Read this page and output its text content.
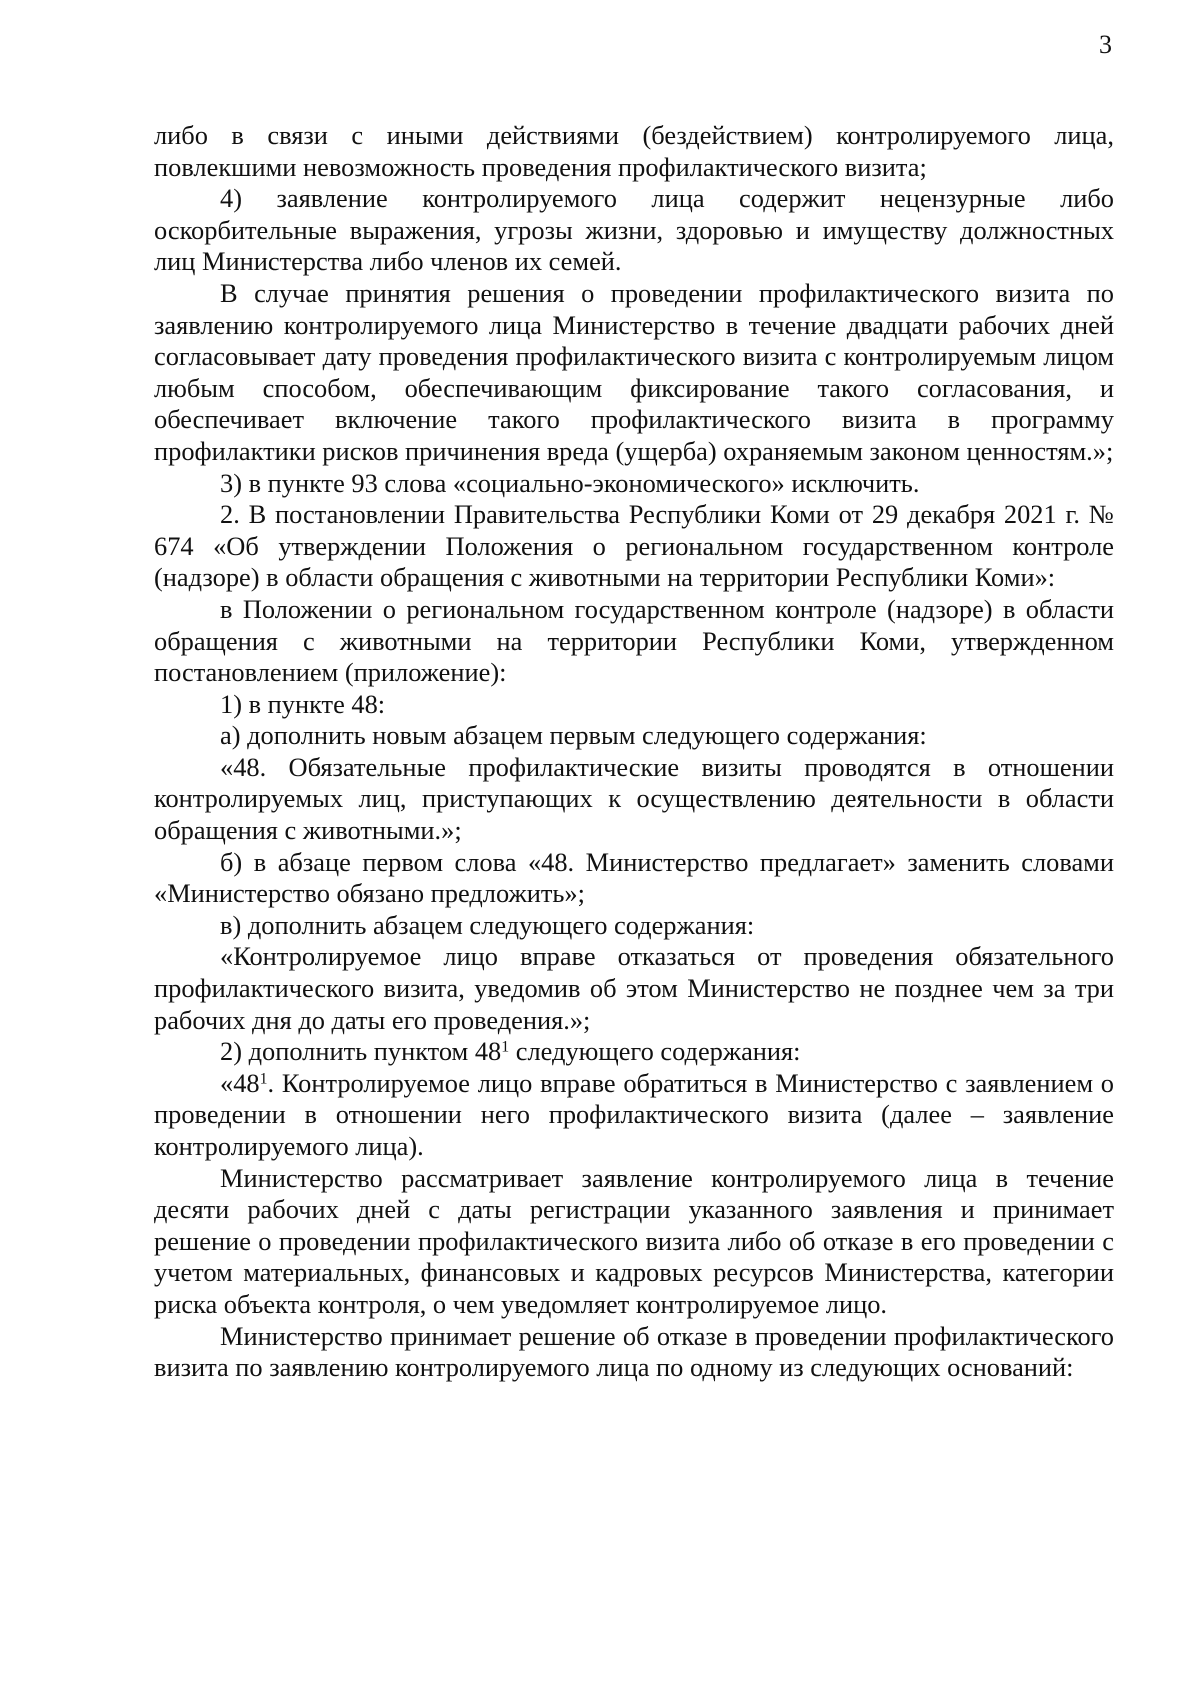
3

либо в связи с иными действиями (бездействием) контролируемого лица, повлекшими невозможность проведения профилактического визита;

4) заявление контролируемого лица содержит нецензурные либо оскорбительные выражения, угрозы жизни, здоровью и имуществу должностных лиц Министерства либо членов их семей.

В случае принятия решения о проведении профилактического визита по заявлению контролируемого лица Министерство в течение двадцати рабочих дней согласовывает дату проведения профилактического визита с контролируемым лицом любым способом, обеспечивающим фиксирование такого согласования, и обеспечивает включение такого профилактического визита в программу профилактики рисков причинения вреда (ущерба) охраняемым законом ценностям.»;

3) в пункте 93 слова «социально-экономического» исключить.

2. В постановлении Правительства Республики Коми от 29 декабря 2021 г. № 674 «Об утверждении Положения о региональном государственном контроле (надзоре) в области обращения с животными на территории Республики Коми»:

в Положении о региональном государственном контроле (надзоре) в области обращения с животными на территории Республики Коми, утвержденном постановлением (приложение):

1) в пункте 48:

а) дополнить новым абзацем первым следующего содержания:

«48. Обязательные профилактические визиты проводятся в отношении контролируемых лиц, приступающих к осуществлению деятельности в области обращения с животными.»;

б) в абзаце первом слова «48. Министерство предлагает» заменить словами «Министерство обязано предложить»;

в) дополнить абзацем следующего содержания:

«Контролируемое лицо вправе отказаться от проведения обязательного профилактического визита, уведомив об этом Министерство не позднее чем за три рабочих дня до даты его проведения.»;

2) дополнить пунктом $48^1$ следующего содержания:

«$48^1$. Контролируемое лицо вправе обратиться в Министерство с заявлением о проведении в отношении него профилактического визита (далее – заявление контролируемого лица).

Министерство рассматривает заявление контролируемого лица в течение десяти рабочих дней с даты регистрации указанного заявления и принимает решение о проведении профилактического визита либо об отказе в его проведении с учетом материальных, финансовых и кадровых ресурсов Министерства, категории риска объекта контроля, о чем уведомляет контролируемое лицо.

Министерство принимает решение об отказе в проведении профилактического визита по заявлению контролируемого лица по одному из следующих оснований:
